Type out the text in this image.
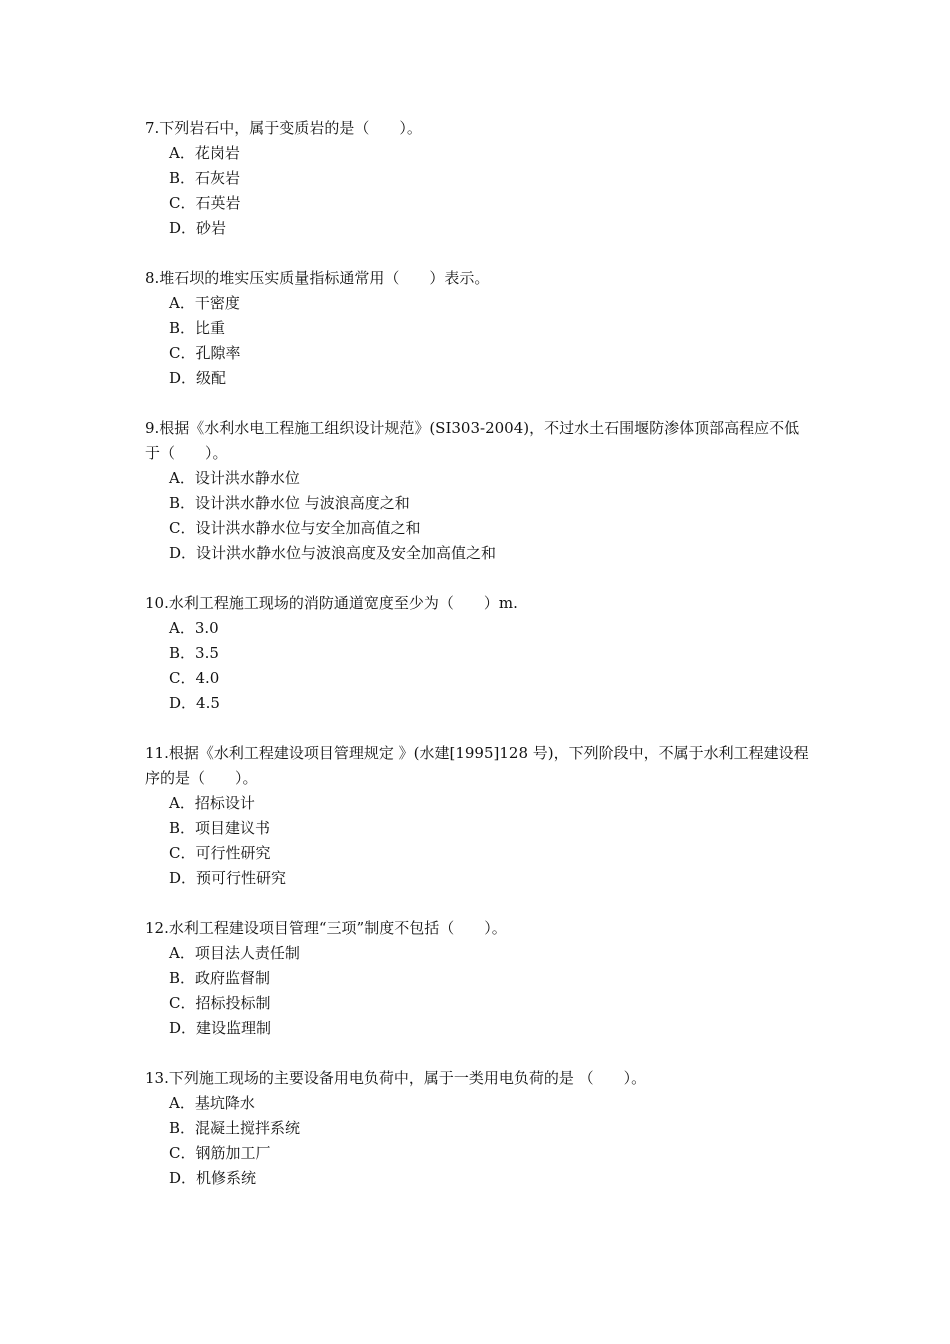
7.下列岩石中，属于变质岩的是（　　）。

A．花岗岩
B．石灰岩
C．石英岩
D．砂岩

8.堆石坝的堆实压实质量指标通常用（　　）表示。

A．干密度
B．比重
C．孔隙率
D．级配

9.根据《水利水电工程施工组织设计规范》(SI303-2004)，不过水土石围堰防渗体顶部高程应不低于（　　）。

A．设计洪水静水位
B．设计洪水静水位 与波浪高度之和
C．设计洪水静水位与安全加高值之和
D．设计洪水静水位与波浪高度及安全加高值之和

10.水利工程施工现场的消防通道宽度至少为（　　）m.

A．3.0
B．3.5
C．4.0
D．4.5

11.根据《水利工程建设项目管理规定 》(水建[1995]128 号)，下列阶段中，不属于水利工程建设程序的是（　　）。

A．招标设计
B．项目建议书
C．可行性研究
D．预可行性研究

12.水利工程建设项目管理“三项”制度不包括（　　）。

A．项目法人责任制
B．政府监督制
C．招标投标制
D．建设监理制

13.下列施工现场的主要设备用电负荷中，属于一类用电负荷的是 （　　）。

A．基坑降水
B．混凝土搅拌系统
C．钢筋加工厂
D．机修系统
